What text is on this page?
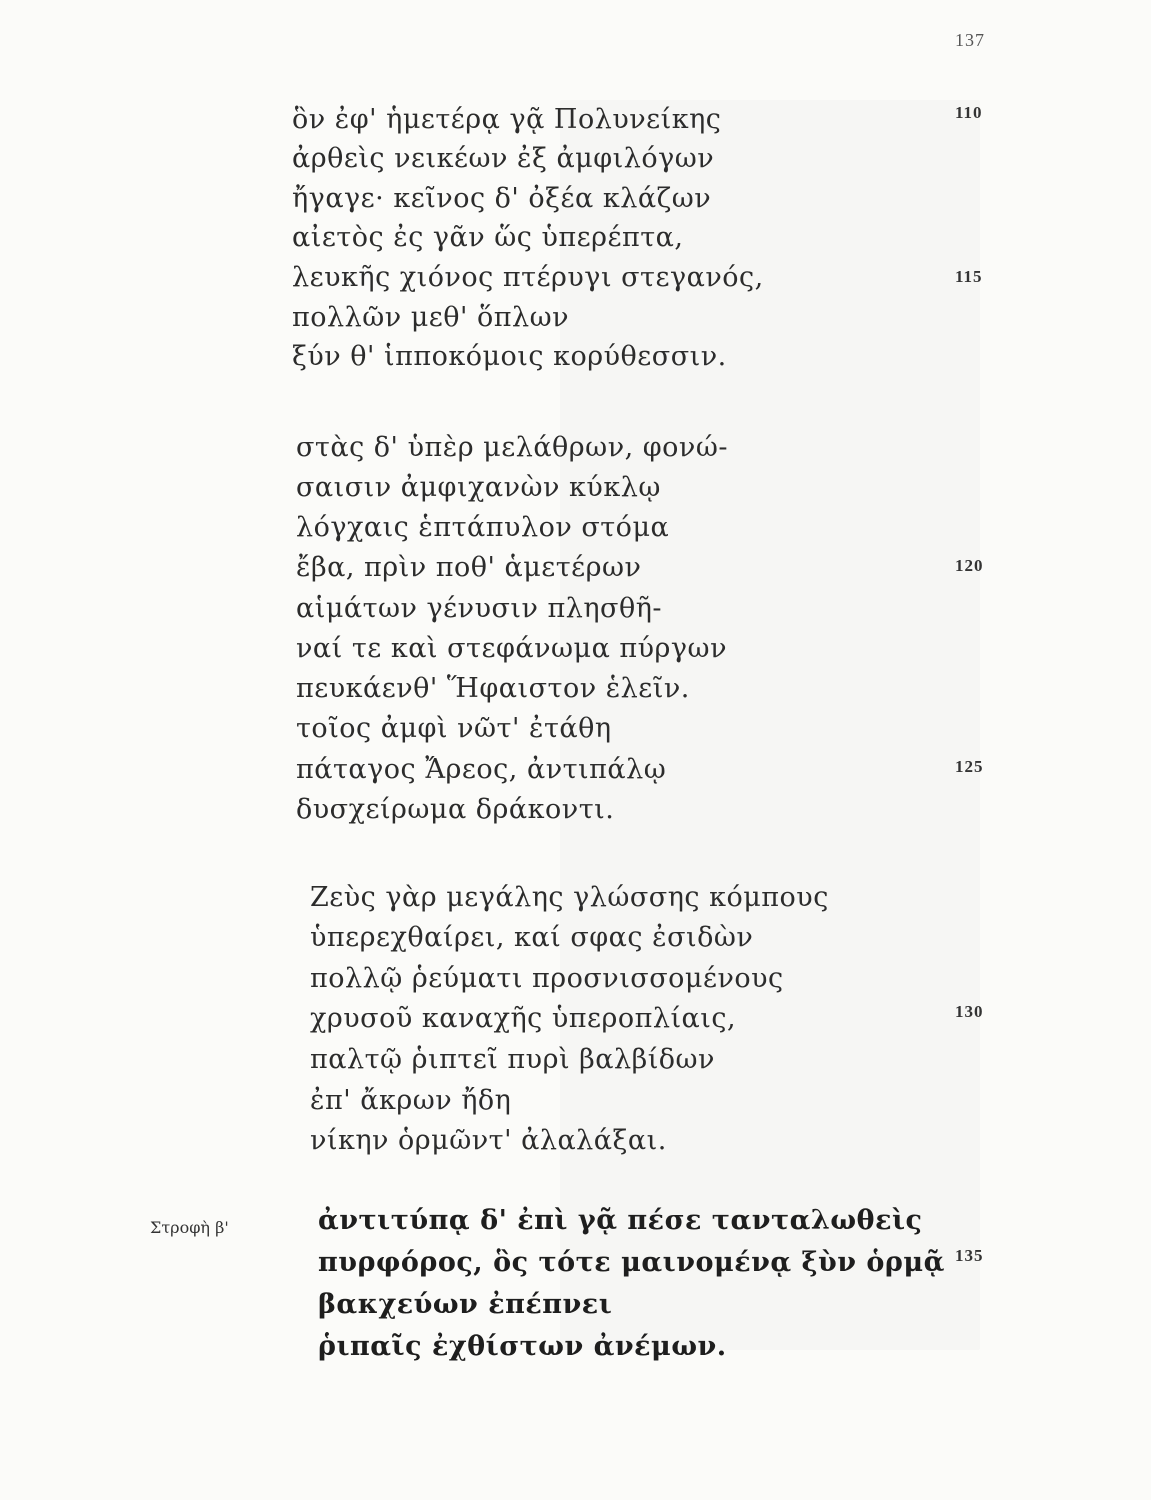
137
ὃν ἐφ' ἡμετέρᾳ γᾷ Πολυνείκης
ἀρθεὶς νεικέων ἐξ ἀμφιλόγων
ἤγαγε· κεῖνος δ' ὀξέα κλάζων
αἰετὸς ἐς γᾶν ὥς ὑπερέπτα,
λευκῆς χιόνος πτέρυγι στεγανός,
πολλῶν μεθ' ὅπλων
ξύν θ' ἱπποκόμοις κορύθεσσιν.
στὰς δ' ὑπὲρ μελάθρων, φονώ-
σαισιν ἀμφιχανὼν κύκλῳ
λόγχαις ἑπτάπυλον στόμα
ἔβα, πρὶν ποθ' ἁμετέρων
αἱμάτων γένυσιν πλησθῆ-
ναί τε καὶ στεφάνωμα πύργων
πευκάενθ' Ἥφαιστον ἑλεῖν.
τοῖος ἀμφὶ νῶτ' ἐτάθη
πάταγος Ἄρεος, ἀντιπάλῳ
δυσχείρωμα δράκοντι.
Ζεὺς γὰρ μεγάλης γλώσσης κόμπους
ὑπερεχθαίρει, καί σφας ἐσιδὼν
πολλῷ ῥεύματι προσνισσομένους
χρυσοῦ καναχῆς ὑπεροπλίαις,
παλτῷ ῥιπτεῖ πυρὶ βαλβίδων
ἐπ' ἄκρων ἤδη
νίκην ὁρμῶντ' ἀλαλάξαι.
Στροφὴ β'	ἀντιτύπᾳ δ' ἐπὶ γᾷ πέσε τανταλωθεὶς
πυρφόρος, ὃς τότε μαινομένᾳ ξὺν ὁρμᾷ
βακχεύων ἐπέπνει
ῥιπαῖς ἐχθίστων ἀνέμων.
110
115
120
125
130
135
